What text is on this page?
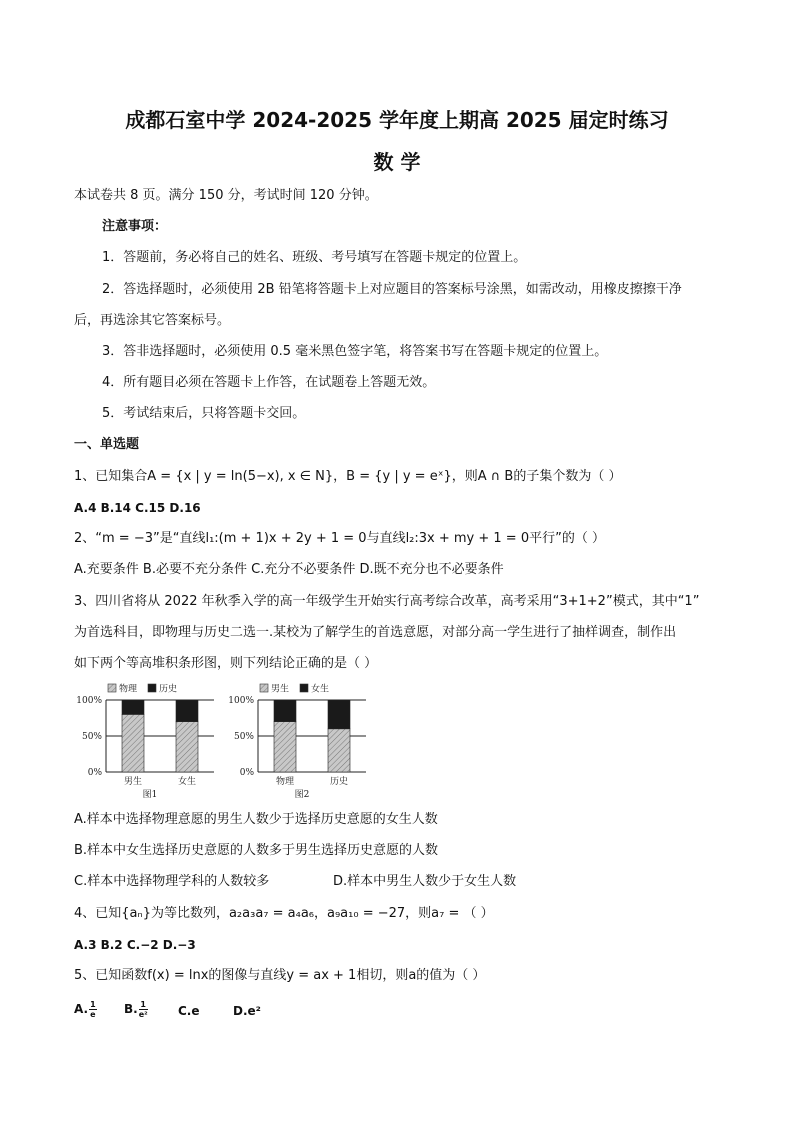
成都石室中学 2024-2025 学年度上期高 2025 届定时练习
数 学
本试卷共 8 页。满分 150 分，考试时间 120 分钟。
注意事项：
1．答题前，务必将自己的姓名、班级、考号填写在答题卡规定的位置上。
2．答选择题时，必须使用 2B 铅笔将答题卡上对应题目的答案标号涂黑，如需改动，用橡皮擦擦干净
后，再选涂其它答案标号。
3．答非选择题时，必须使用 0.5 毫米黑色签字笔，将答案书写在答题卡规定的位置上。
4．所有题目必须在答题卡上作答，在试题卷上答题无效。
5．考试结束后，只将答题卡交回。
一、单选题
1、已知集合A = {x | y = ln(5−x), x ∈ N}，B = {y | y = eˣ}，则A ∩ B的子集个数为（ ）
A.4 B.14 C.15 D.16
2、“m = −3”是“直线l₁:(m + 1)x + 2y + 1 = 0与直线l₂:3x + my + 1 = 0平行”的（ ）
A.充要条件 B.必要不充分条件 C.充分不必要条件 D.既不充分也不必要条件
3、四川省将从 2022 年秋季入学的高一年级学生开始实行高考综合改革，高考采用“3+1+2”模式，其中“1”
为首选科目，即物理与历史二选一.某校为了解学生的首选意愿，对部分高一学生进行了抽样调查，制作出
如下两个等高堆积条形图，则下列结论正确的是（ ）
物理 历史
0%
50%
100%
男生	女生
图1
男生 女生
0%
50%
100%
物理	历史
图2
A.样本中选择物理意愿的男生人数少于选择历史意愿的女生人数
B.样本中女生选择历史意愿的人数多于男生选择历史意愿的人数
C.样本中选择物理学科的人数较多	D.样本中男生人数少于女生人数
4、已知{aₙ}为等比数列，a₂a₃a₇ = a₄a₆，a₉a₁₀ = −27，则a₇ = （ ）
A.3 B.2 C.−2 D.−3
5、已知函数f(x) = lnx的图像与直线y = ax + 1相切，则a的值为（ ）
A. $\frac{1}{e} B$. $\frac{1}{\text{e²}}$	C.e	D.e²
